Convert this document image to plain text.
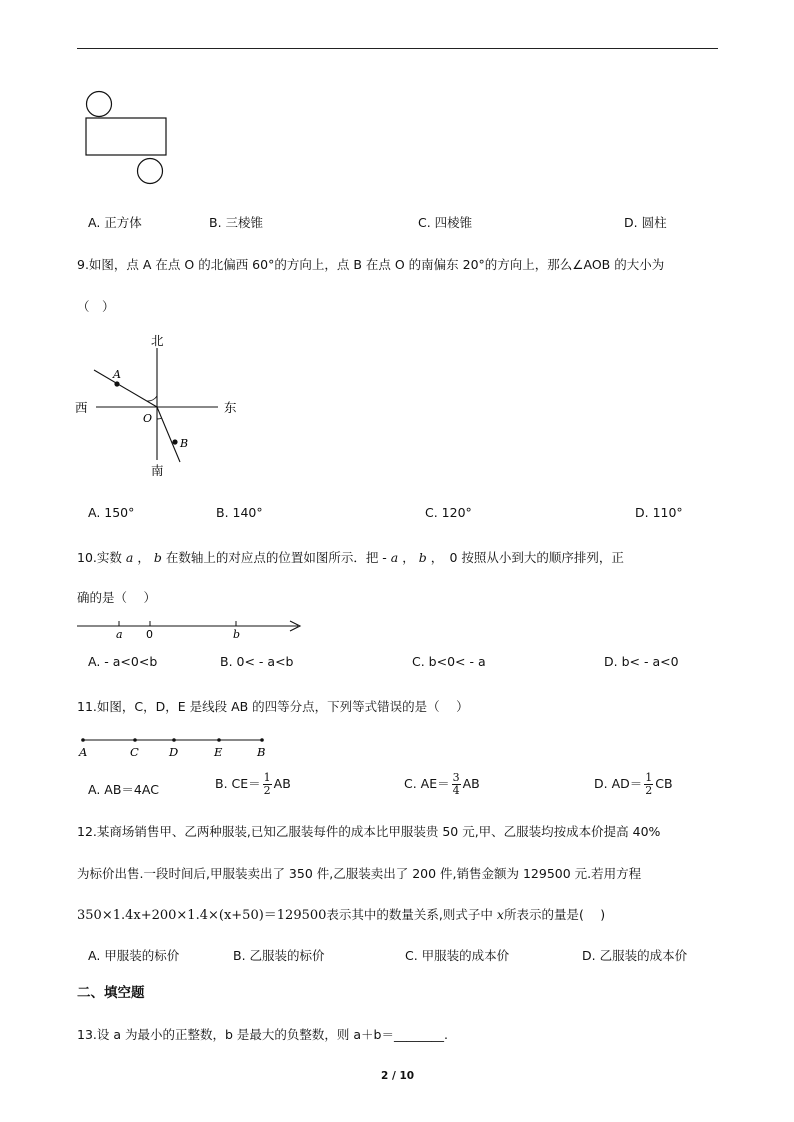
A. 正方体	B. 三棱锥	C. 四棱锥	D. 圆柱
9.如图，点 A 在点 O 的北偏西 60°的方向上，点 B 在点 O 的南偏东 20°的方向上，那么∠AOB 的大小为
（　）
北
南
西	东
A
O
B
A. 150°	B. 140°	C. 120°	D. 110°
10.实数 a ， b 在数轴上的对应点的位置如图所示．把 - a ， b ，　0 按照从小到大的顺序排列，正
确的是（　 ）
a 0	b
A. - a<0<b	B. 0< - a<b	C. b<0< - a	D. b< - a<0
11.如图，C，D，E 是线段 AB 的四等分点，下列等式错误的是（　 ）
A	C	D	E	B
A. AB＝4AC	B. $CE= \frac{1}{2}$ AB	C. $AE= \frac{3}{4}$ AB	D. $AD= \frac{1}{2}$ CB
12.某商场销售甲、乙两种服装,已知乙服装每件的成本比甲服装贵 50 元,甲、乙服装均按成本价提高 40%
为标价出售.一段时间后,甲服装卖出了 350 件,乙服装卖出了 200 件,销售金额为 129500 元.若用方程
350×1.4x+200×1.4×(x+50)＝129500表示其中的数量关系,则式子中 x所表示的量是(　 )
A. 甲服装的标价	B. 乙服装的标价	C. 甲服装的成本价	D. 乙服装的成本价
二、填空题
13.设 a 为最小的正整数，b 是最大的负整数，则 a＋b＝________.
2 / 10
